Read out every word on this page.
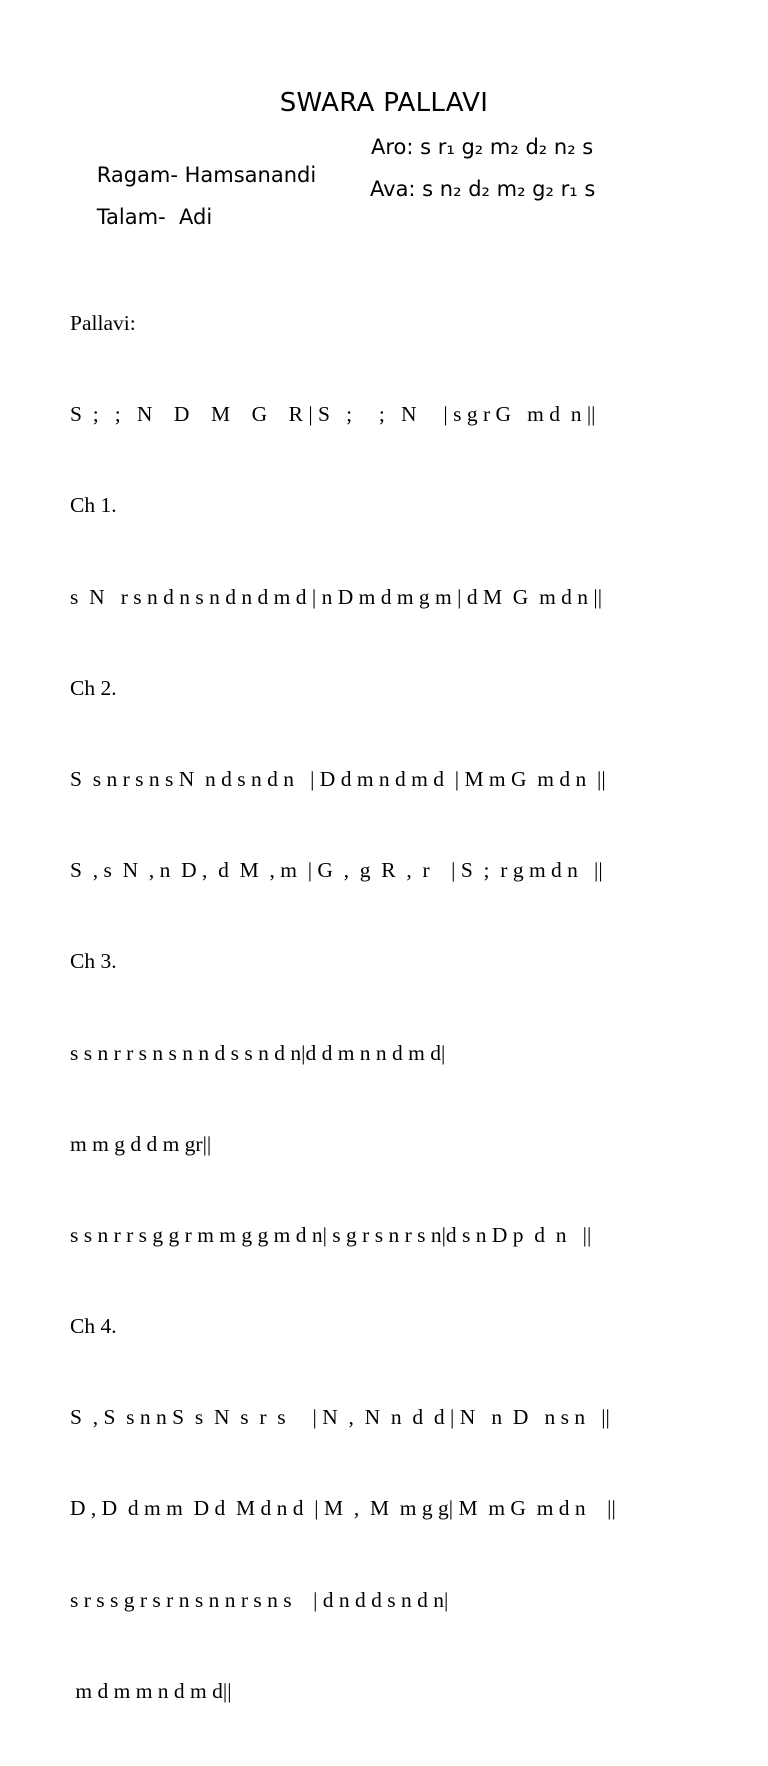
SWARA PALLAVI

Ragam- Hamsanandi

Aro: s r₁ g₂ m₂ d₂ n₂ s

Talam-  Adi

Ava: s n₂ d₂ m₂ g₂ r₁ s

Pallavi:

S  ;   ;   N    D    M    G    R | S   ;     ;   N     | s g r G   m d  n ||

Ch 1.

s  N   r s n d n s n d n d m d | n D m d m g m | d M  G  m d n ||

Ch 2.

S  s n r s n s N  n d s n d n   | D d m n d m d  | M m G  m d n  ||

S  , s  N  , n  D ,  d  M  , m  | G  ,  g  R  ,  r    | S  ;  r g m d n   ||

Ch 3.

s s n r r s n s n n d s s n d n|d d m n n d m d|

m m g d d m gr||

s s n r r s g g r m m g g m d n| s g r s n r s n|d s n D p  d  n   ||

Ch 4.

S  , S  s n n S  s  N  s  r  s     | N  ,  N  n  d  d | N   n  D   n s n   ||

D , D  d m m  D d  M d n d  | M  ,  M  m g g| M  m G  m d n    ||

s r s s g r s r n s n n r s n s    | d n d d s n d n|

m d m m n d m d||
